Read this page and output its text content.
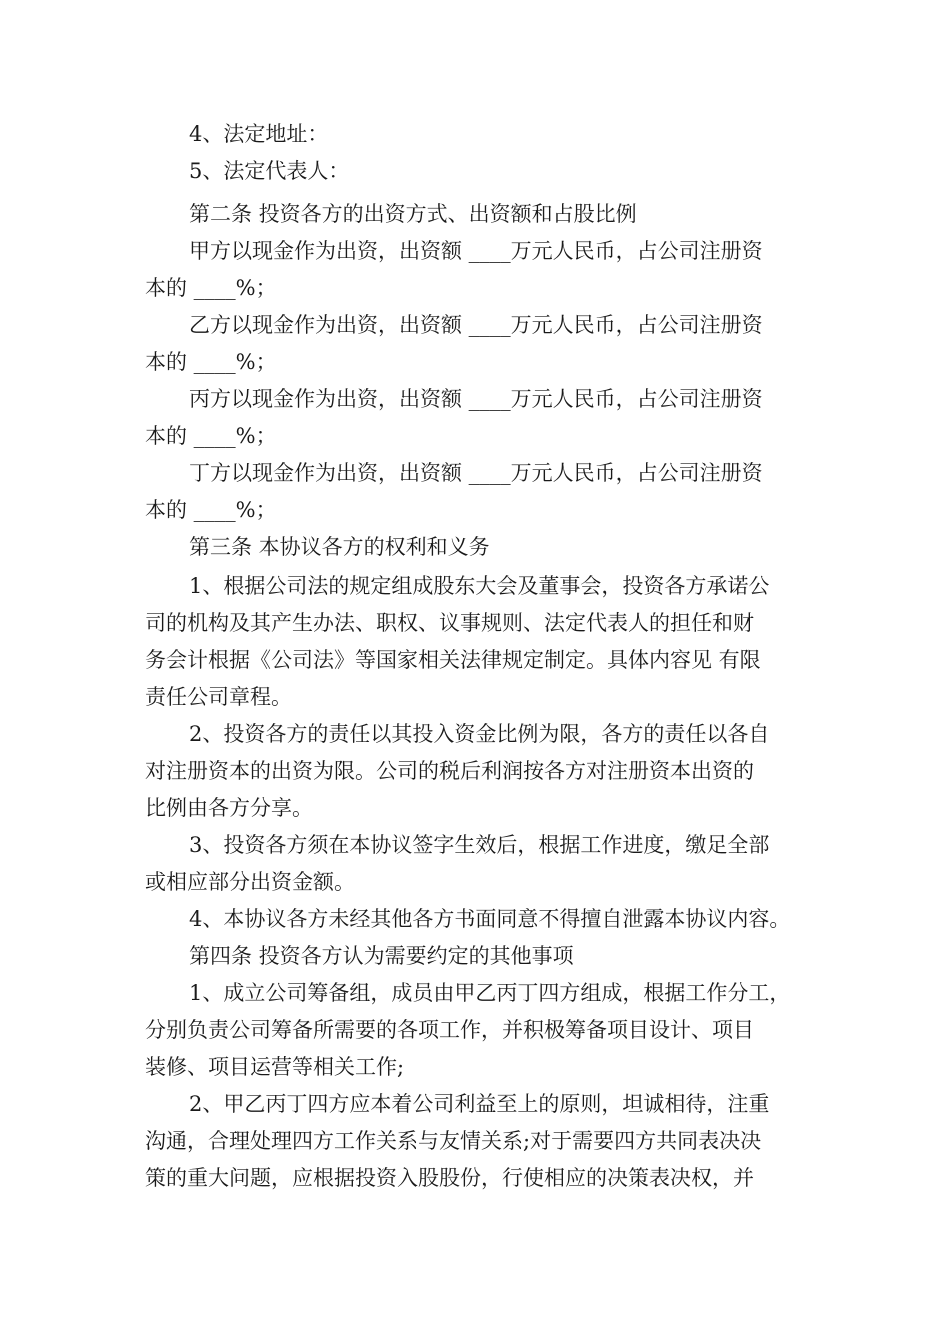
4、法定地址：
5、法定代表人：
第二条 投资各方的出资方式、出资额和占股比例
甲方以现金作为出资，出资额 ____万元人民币，占公司注册资
本的 ____%；
乙方以现金作为出资，出资额 ____万元人民币，占公司注册资
本的 ____%；
丙方以现金作为出资，出资额 ____万元人民币，占公司注册资
本的 ____%；
丁方以现金作为出资，出资额 ____万元人民币，占公司注册资
本的 ____%；
第三条 本协议各方的权利和义务
1、根据公司法的规定组成股东大会及董事会，投资各方承诺公
司的机构及其产生办法、职权、议事规则、法定代表人的担任和财
务会计根据《公司法》等国家相关法律规定制定。具体内容见 有限
责任公司章程。
2、投资各方的责任以其投入资金比例为限，各方的责任以各自
对注册资本的出资为限。公司的税后利润按各方对注册资本出资的
比例由各方分享。
3、投资各方须在本协议签字生效后，根据工作进度，缴足全部
或相应部分出资金额。
4、本协议各方未经其他各方书面同意不得擅自泄露本协议内容。
第四条 投资各方认为需要约定的其他事项
1、成立公司筹备组，成员由甲乙丙丁四方组成，根据工作分工，
分别负责公司筹备所需要的各项工作，并积极筹备项目设计、项目
装修、项目运营等相关工作;
2、甲乙丙丁四方应本着公司利益至上的原则，坦诚相待，注重
沟通，合理处理四方工作关系与友情关系;对于需要四方共同表决决
策的重大问题，应根据投资入股股份，行使相应的决策表决权，并
